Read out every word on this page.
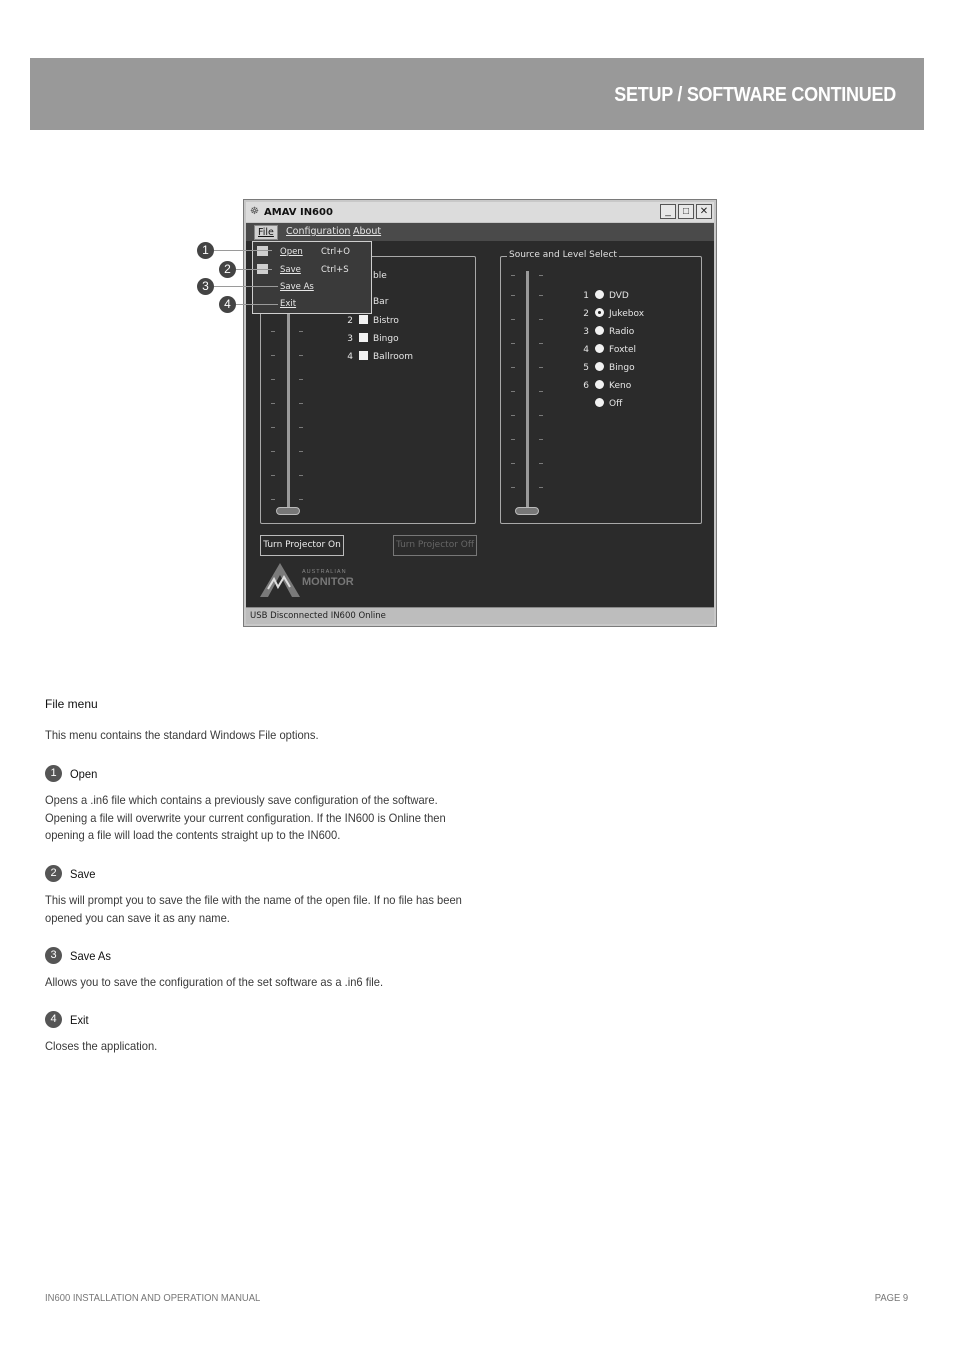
SETUP / SOFTWARE CONTINUED
☸ AMAV IN600	_	□	✕
File	Configuration About
ble
Bar
2 Bistro
3 Bingo
4 Ballroom
Source and Level Select
1 DVD
2 Jukebox
3 Radio
4 Foxtel
5 Bingo
6 Keno
Off
Turn Projector On	Turn Projector Off
AUSTRALIAN
MONITOR
Open Ctrl+O
Save Ctrl+S
Save As
Exit
USB Disconnected IN600 Online
1
2
3
4
File menu
This menu contains the standard Windows File options.
1	Open
Opens a .in6 file which contains a previously save configuration of the software. Opening a file will overwrite your current configuration. If the IN600 is Online then opening a file will load the contents straight up to the IN600.
2	Save
This will prompt you to save the file with the name of the open file. If no file has been opened you can save it as any name.
3	Save As
Allows you to save the configuration of the set software as a .in6 file.
4	Exit
Closes the application.
IN600 INSTALLATION AND OPERATION MANUAL	PAGE 9
